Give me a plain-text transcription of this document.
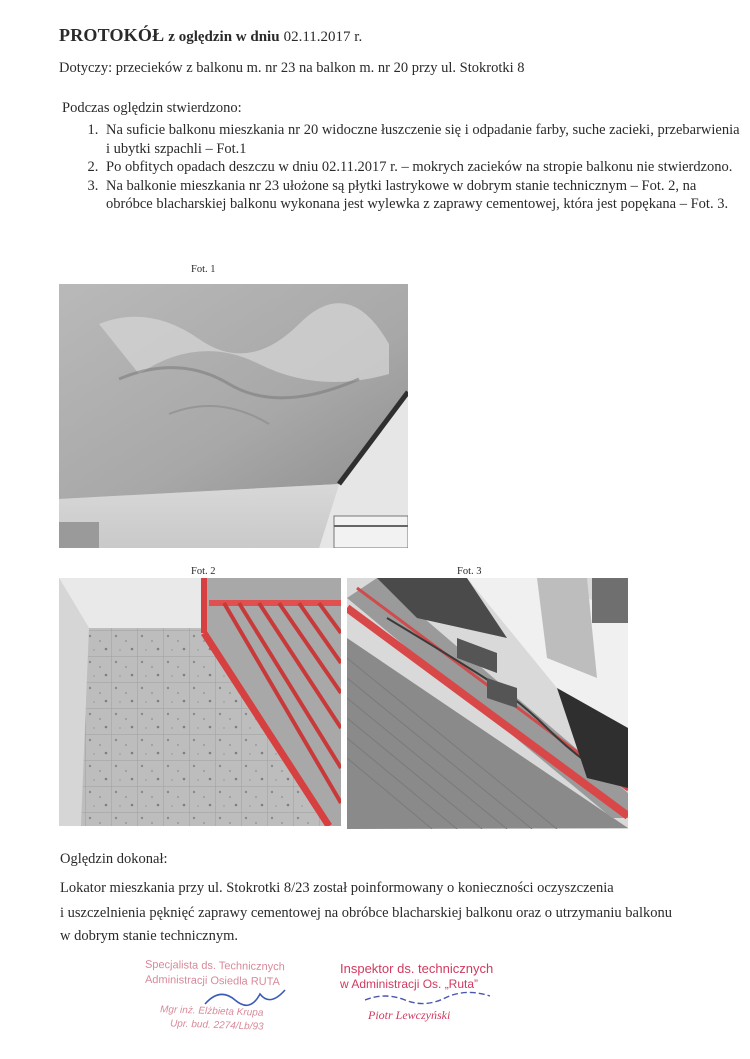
PROTOKÓŁ z oględzin w dniu 02.11.2017 r.
Dotyczy: przecieków z balkonu m. nr 23 na balkon m. nr 20 przy ul. Stokrotki 8
Podczas oględzin stwierdzono:
1. Na suficie balkonu mieszkania nr 20 widoczne łuszczenie się i odpadanie farby, suche zacieki, przebarwienia i ubytki szpachli – Fot.1
2. Po obfitych opadach deszczu w dniu 02.11.2017 r. – mokrych zacieków na stropie balkonu nie stwierdzono.
3. Na balkonie mieszkania nr 23 ułożone są płytki lastrykowe w dobrym stanie technicznym – Fot. 2, na obróbce blacharskiej balkonu wykonana jest wylewka z zaprawy cementowej, która jest popękana – Fot. 3.
Fot. 1
Fot. 2	Fot. 3
Oględzin dokonał:
Lokator mieszkania przy ul. Stokrotki 8/23 został poinformowany o konieczności oczyszczenia
i uszczelnienia pęknięć zaprawy cementowej na obróbce blacharskiej balkonu oraz o utrzymaniu balkonu
w dobrym stanie technicznym.
Specjalista ds. Technicznych
Administracji Osiedla RUTA
Mgr inż. Elżbieta Krupa
Upr. bud. 2274/Lb/93
Inspektor ds. technicznych
w Administracji Os. „Ruta”
Piotr Lewczyński
